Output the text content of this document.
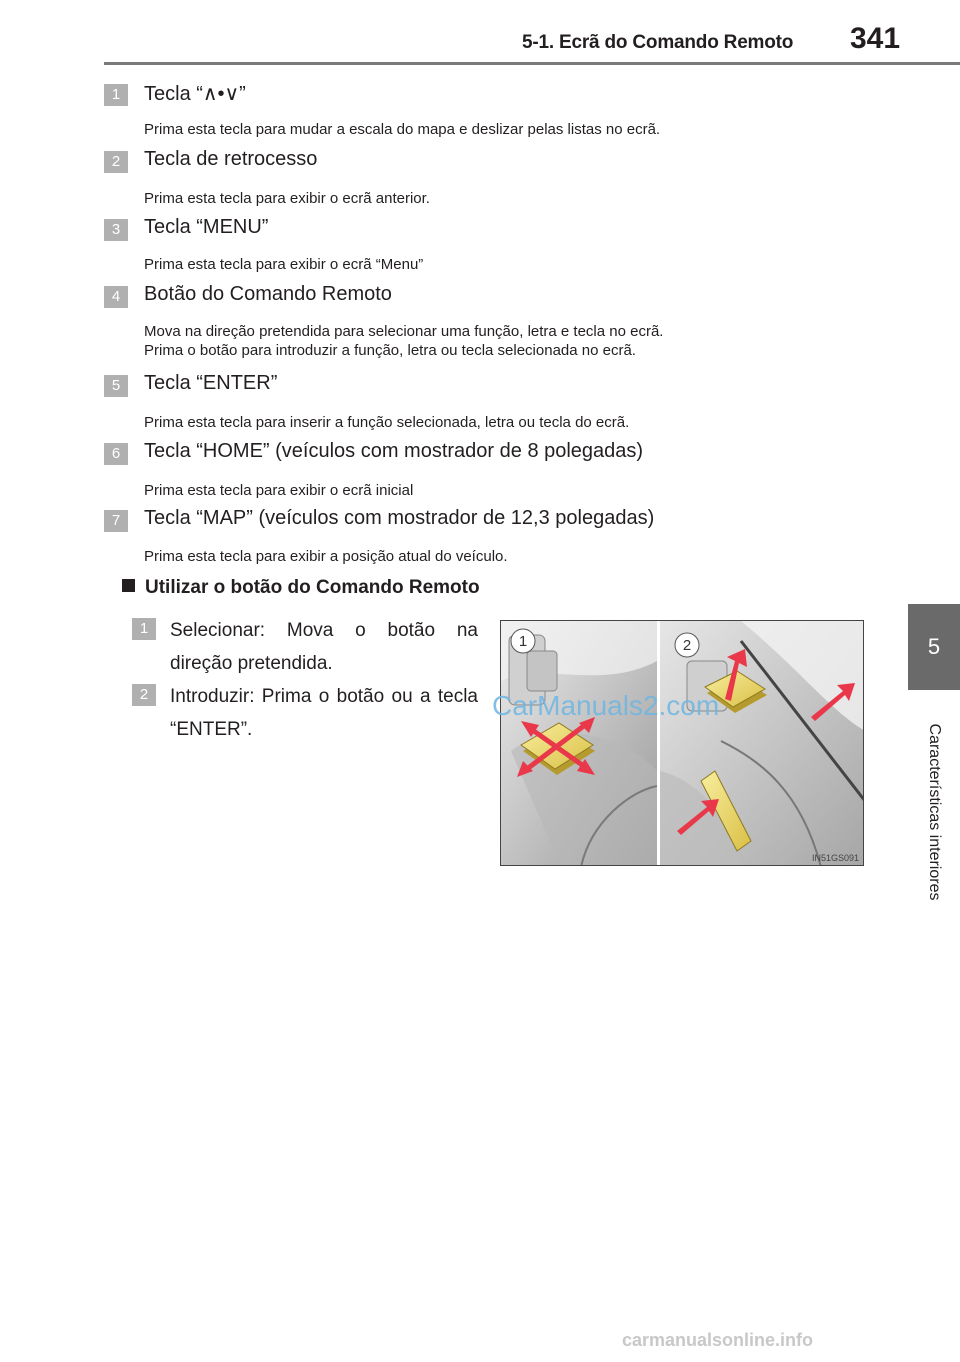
5-1. Ecrã do Comando Remoto 341
5
Características interiores
1	Tecla “∧•∨”
Prima esta tecla para mudar a escala do mapa e deslizar pelas listas no ecrã.
2	Tecla de retrocesso
Prima esta tecla para exibir o ecrã anterior.
3	Tecla “MENU”
Prima esta tecla para exibir o ecrã “Menu”
4	Botão do Comando Remoto
Mova na direção pretendida para selecionar uma função, letra e tecla no ecrã.
Prima o botão para introduzir a função, letra ou tecla selecionada no ecrã.
5	Tecla “ENTER”
Prima esta tecla para inserir a função selecionada, letra ou tecla do ecrã.
6	Tecla “HOME” (veículos com mostrador de 8 polegadas)
Prima esta tecla para exibir o ecrã inicial
7	Tecla “MAP” (veículos com mostrador de 12,3 polegadas)
Prima esta tecla para exibir a posição atual do veículo.
Utilizar o botão do Comando Remoto
1	Selecionar: Mova o botão na direção pretendida.
2	Introduzir: Prima o botão ou a tecla “ENTER”.
1	2
IN51GS091
CarManuals2.com
carmanualsonline.info
